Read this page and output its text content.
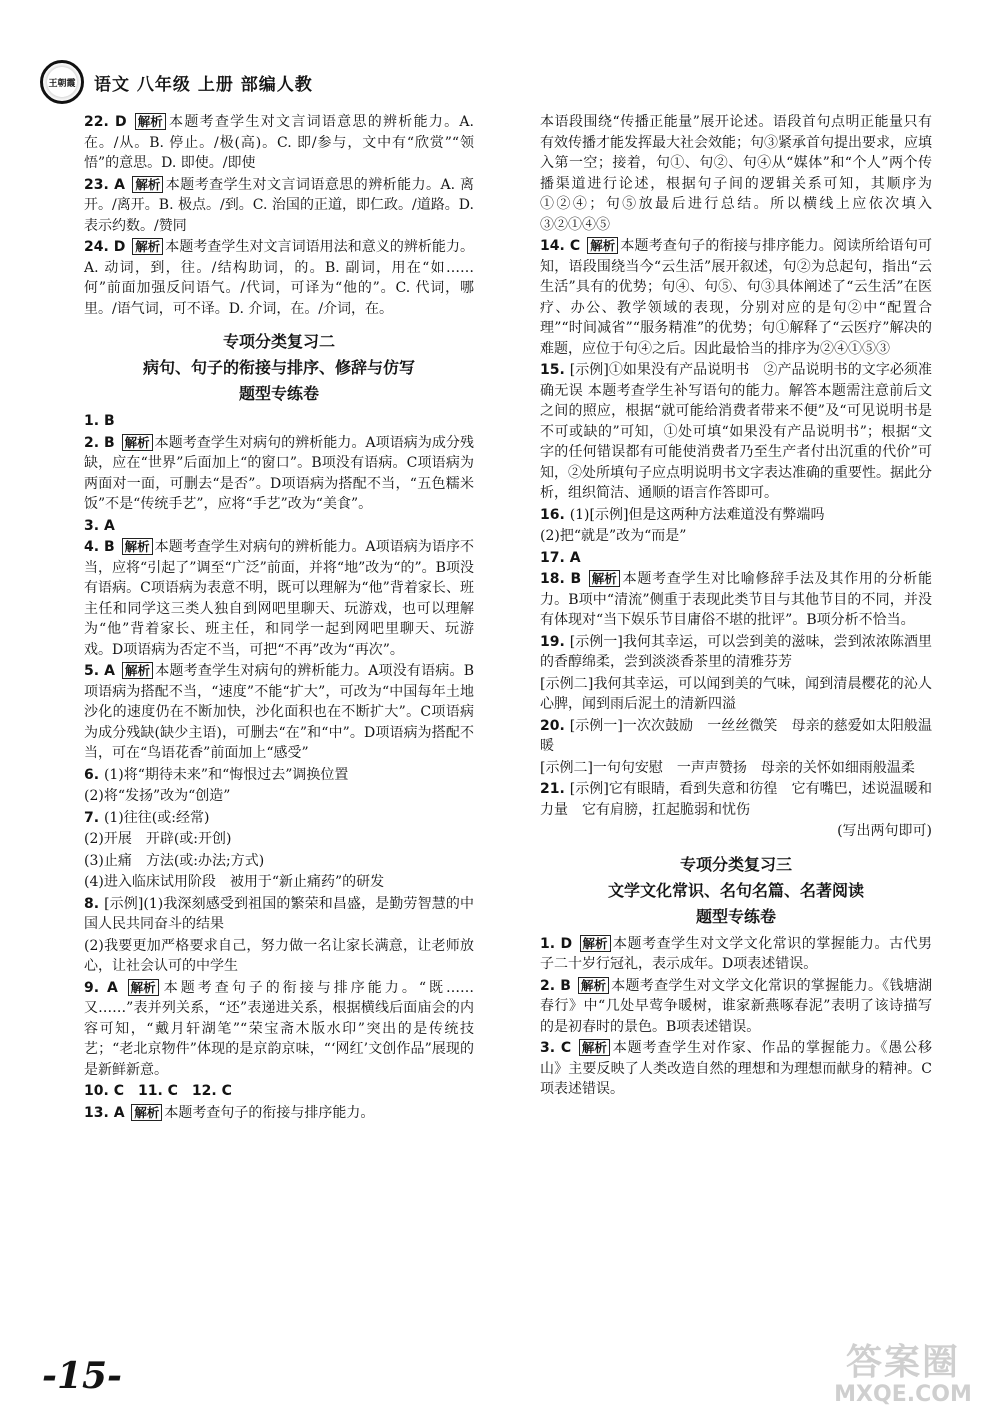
王朝霞 语文 八年级 上册 部编人教
22. D 解析 本题考查学生对文言词语意思的辨析能力。A. 在。/从。B. 停止。/极(高)。C. 即/参与，文中有“欣赏”“领悟”的意思。D. 即使。/即使
23. A 解析 本题考查学生对文言词语意思的辨析能力。A. 离开。/离开。B. 极点。/到。C. 治国的正道，即仁政。/道路。D. 表示约数。/赞同
24. D 解析 本题考查学生对文言词语用法和意义的辨析能力。A. 动词，到，往。/结构助词，的。B. 副词，用在“如……何”前面加强反问语气。/代词，可译为“他的”。C. 代词，哪里。/语气词，可不译。D. 介词，在。/介词，在。
专项分类复习二
病句、句子的衔接与排序、修辞与仿写
题型专练卷
1. B
2. B 解析 本题考查学生对病句的辨析能力。A项语病为成分残缺，应在“世界”后面加上“的窗口”。B项没有语病。C项语病为两面对一面，可删去“是否”。D项语病为搭配不当，“五色糯米饭”不是“传统手艺”，应将“手艺”改为“美食”。
3. A
4. B 解析 本题考查学生对病句的辨析能力。A项语病为语序不当，应将“引起了”调至“广泛”前面，并将“地”改为“的”。B项没有语病。C项语病为表意不明，既可以理解为“他”背着家长、班主任和同学这三类人独自到网吧里聊天、玩游戏，也可以理解为“他”背着家长、班主任，和同学一起到网吧里聊天、玩游戏。D项语病为否定不当，可把“不再”改为“再次”。
5. A 解析 本题考查学生对病句的辨析能力。A项没有语病。B项语病为搭配不当，“速度”不能“扩大”，可改为“中国每年土地沙化的速度仍在不断加快，沙化面积也在不断扩大”。C项语病为成分残缺(缺少主语)，可删去“在”和“中”。D项语病为搭配不当，可在“鸟语花香”前面加上“感受”
6. (1)将“期待未来”和“悔恨过去”调换位置
(2)将“发扬”改为“创造”
7. (1)往往(或:经常)
(2)开展　开辟(或:开创)
(3)止痛　方法(或:办法;方式)
(4)进入临床试用阶段　被用于“新止痛药”的研发
8. [示例](1)我深刻感受到祖国的繁荣和昌盛，是勤劳智慧的中国人民共同奋斗的结果
(2)我要更加严格要求自己，努力做一名让家长满意，让老师放心，让社会认可的中学生
9. A 解析 本题考查句子的衔接与排序能力。“既……又……”表并列关系，“还”表递进关系，根据横线后面庙会的内容可知，“戴月轩湖笔”“荣宝斋木版水印”突出的是传统技艺；“老北京物件”体现的是京韵京味，“‘网红’文创作品”展现的是新鲜新意。
10. C　11. C　12. C
13. A 解析 本题考查句子的衔接与排序能力。
本语段围绕“传播正能量”展开论述。语段首句点明正能量只有有效传播才能发挥最大社会效能；句③紧承首句提出要求，应填入第一空；接着，句①、句②、句④从“媒体”和“个人”两个传播渠道进行论述，根据句子间的逻辑关系可知，其顺序为①②④；句⑤放最后进行总结。所以横线上应依次填入③②①④⑤
14. C 解析 本题考查句子的衔接与排序能力。阅读所给语句可知，语段围绕当今“云生活”展开叙述，句②为总起句，指出“云生活”具有的优势；句④、句⑤、句③具体阐述了“云生活”在医疗、办公、教学领域的表现，分别对应的是句②中“配置合理”“时间减省”“服务精准”的优势；句①解释了“云医疗”解决的难题，应位于句④之后。因此最恰当的排序为②④①⑤③
15. [示例]①如果没有产品说明书　②产品说明书的文字必须准确无误 本题考查学生补写语句的能力。解答本题需注意前后文之间的照应，根据“就可能给消费者带来不便”及“可见说明书是不可或缺的”可知，①处可填“如果没有产品说明书”；根据“文字的任何错误都有可能使消费者乃至生产者付出沉重的代价”可知，②处所填句子应点明说明书文字表达准确的重要性。据此分析，组织简洁、通顺的语言作答即可。
16. (1)[示例]但是这两种方法难道没有弊端吗
(2)把“就是”改为“而是”
17. A
18. B 解析 本题考查学生对比喻修辞手法及其作用的分析能力。B项中“清流”侧重于表现此类节目与其他节目的不同，并没有体现对“当下娱乐节目庸俗不堪的批评”。B项分析不恰当。
19. [示例一]我何其幸运，可以尝到美的滋味，尝到浓浓陈酒里的香醇绵柔，尝到淡淡香茶里的清雅芬芳
[示例二]我何其幸运，可以闻到美的气味，闻到清晨樱花的沁人心脾，闻到雨后泥土的清新四溢
20. [示例一]一次次鼓励　一丝丝微笑　母亲的慈爱如太阳般温暖
[示例二]一句句安慰　一声声赞扬　母亲的关怀如细雨般温柔
21. [示例]它有眼睛，看到失意和彷徨　它有嘴巴，述说温暖和力量　它有肩膀，扛起脆弱和忧伤
(写出两句即可)
专项分类复习三
文学文化常识、名句名篇、名著阅读
题型专练卷
1. D 解析 本题考查学生对文学文化常识的掌握能力。古代男子二十岁行冠礼，表示成年。D项表述错误。
2. B 解析 本题考查学生对文学文化常识的掌握能力。《钱塘湖春行》中“几处早莺争暖树，谁家新燕啄春泥”表明了该诗描写的是初春时的景色。B项表述错误。
3. C 解析 本题考查学生对作家、作品的掌握能力。《愚公移山》主要反映了人类改造自然的理想和为理想而献身的精神。C项表述错误。
-15-	答案圈
MXQE.COM
